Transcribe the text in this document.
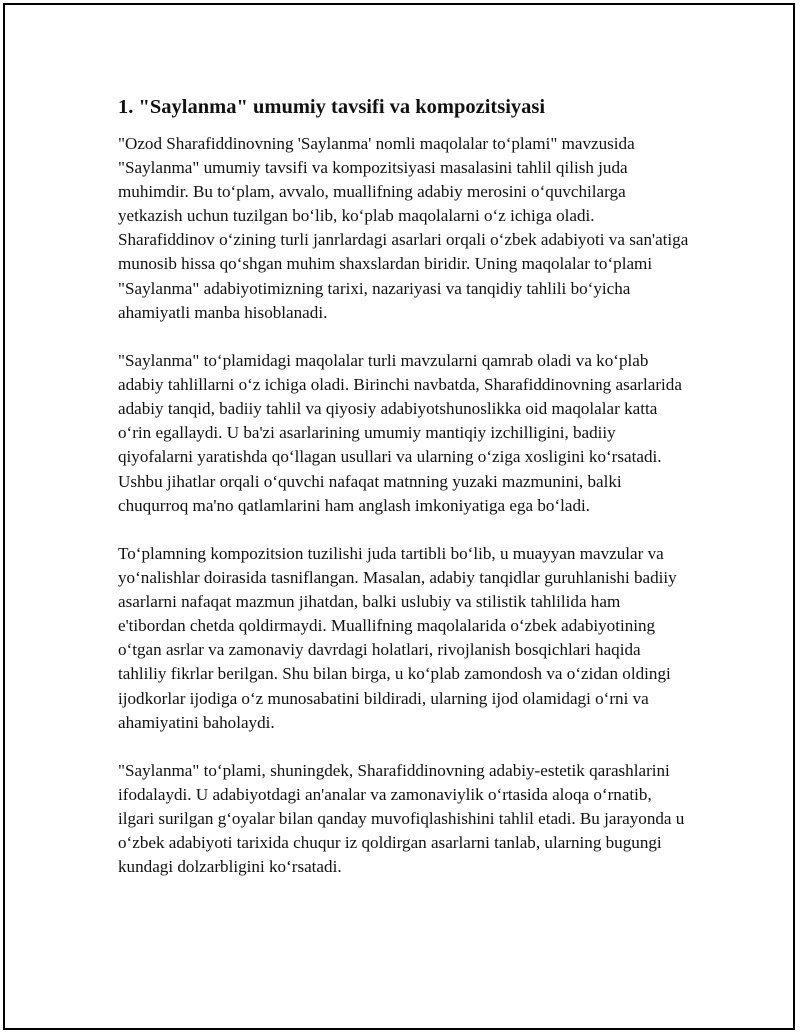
1. "Saylanma" umumiy tavsifi va kompozitsiyasi

"Ozod Sharafiddinovning 'Saylanma' nomli maqolalar to‘plami" mavzusida "Saylanma" umumiy tavsifi va kompozitsiyasi masalasini tahlil qilish juda muhimdir. Bu to‘plam, avvalo, muallifning adabiy merosini o‘quvchilarga yetkazish uchun tuzilgan bo‘lib, ko‘plab maqolalarni o‘z ichiga oladi. Sharafiddinov o‘zining turli janrlardagi asarlari orqali o‘zbek adabiyoti va san'atiga munosib hissa qo‘shgan muhim shaxslardan biridir. Uning maqolalar to‘plami "Saylanma" adabiyotimizning tarixi, nazariyasi va tanqidiy tahlili bo‘yicha ahamiyatli manba hisoblanadi.

"Saylanma" to‘plamidagi maqolalar turli mavzularni qamrab oladi va ko‘plab adabiy tahlillarni o‘z ichiga oladi. Birinchi navbatda, Sharafiddinovning asarlarida adabiy tanqid, badiiy tahlil va qiyosiy adabiyotshunoslikka oid maqolalar katta o‘rin egallaydi. U ba'zi asarlarining umumiy mantiqiy izchilligini, badiiy qiyofalarni yaratishda qo‘llagan usullari va ularning o‘ziga xosligini ko‘rsatadi. Ushbu jihatlar orqali o‘quvchi nafaqat matnning yuzaki mazmunini, balki chuqurroq ma'no qatlamlarini ham anglash imkoniyatiga ega bo‘ladi.

To‘plamning kompozitsion tuzilishi juda tartibli bo‘lib, u muayyan mavzular va yo‘nalishlar doirasida tasniflangan. Masalan, adabiy tanqidlar guruhlanishi badiiy asarlarni nafaqat mazmun jihatdan, balki uslubiy va stilistik tahlilida ham e'tibordan chetda qoldirmaydi. Muallifning maqolalarida o‘zbek adabiyotining o‘tgan asrlar va zamonaviy davrdagi holatlari, rivojlanish bosqichlari haqida tahliliy fikrlar berilgan. Shu bilan birga, u ko‘plab zamondosh va o‘zidan oldingi ijodkorlar ijodiga o‘z munosabatini bildiradi, ularning ijod olamidagi o‘rni va ahamiyatini baholaydi.

"Saylanma" to‘plami, shuningdek, Sharafiddinovning adabiy-estetik qarashlarini ifodalaydi. U adabiyotdagi an'analar va zamonaviylik o‘rtasida aloqa o‘rnatib, ilgari surilgan g‘oyalar bilan qanday muvofiqlashishini tahlil etadi. Bu jarayonda u o‘zbek adabiyoti tarixida chuqur iz qoldirgan asarlarni tanlab, ularning bugungi kundagi dolzarbligini ko‘rsatadi.
